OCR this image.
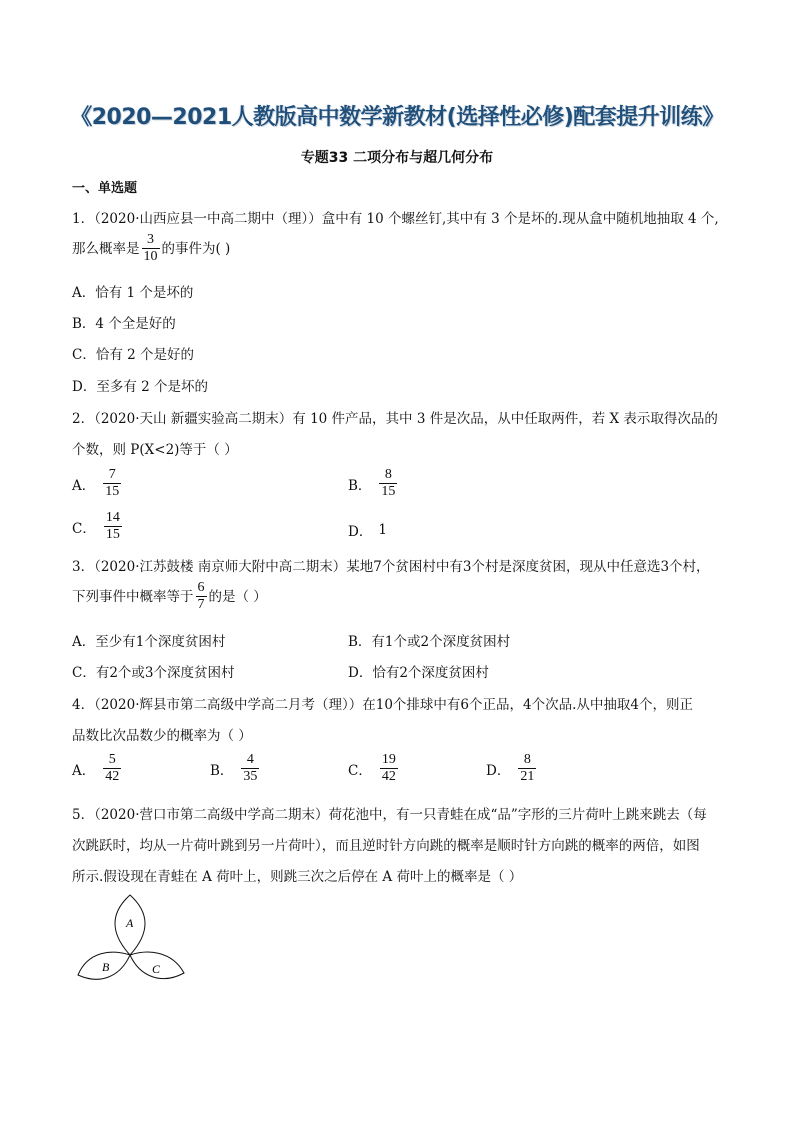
《2020—2021人教版高中数学新教材(选择性必修)配套提升训练》
专题33 二项分布与超几何分布
一、单选题
1．（2020·山西应县一中高二期中（理））盒中有 10 个螺丝钉,其中有 3 个是坏的.现从盒中随机地抽取 4 个,
那么概率是 $\frac{3}{10}$ 的事件为( )
A．恰有 1 个是坏的
B．4 个全是好的
C．恰有 2 个是好的
D．至多有 2 个是坏的
2．（2020·天山 新疆实验高二期末）有 10 件产品，其中 3 件是次品，从中任取两件，若 X 表示取得次品的
个数，则 P(X<2)等于（ ）
A． $\frac{7}{15}$	B． $\frac{8}{15}$
C． $\frac{14}{15}$	D． 1
3．（2020·江苏鼓楼 南京师大附中高二期末）某地7个贫困村中有3个村是深度贫困，现从中任意选3个村，
下列事件中概率等于 $\frac{6}{7}$ 的是（ ）
A．至少有1个深度贫困村	B．有1个或2个深度贫困村
C．有2个或3个深度贫困村	D．恰有2个深度贫困村
4．（2020·辉县市第二高级中学高二月考（理））在10个排球中有6个正品，4个次品.从中抽取4个，则正
品数比次品数少的概率为（ ）
A． $\frac{5}{42}$	B． $\frac{4}{35}$	C． $\frac{19}{42}$	D． $\frac{8}{21}$
5．（2020·营口市第二高级中学高二期末）荷花池中，有一只青蛙在成“品”字形的三片荷叶上跳来跳去（每
次跳跃时，均从一片荷叶跳到另一片荷叶），而且逆时针方向跳的概率是顺时针方向跳的概率的两倍，如图
所示.假设现在青蛙在 A 荷叶上，则跳三次之后停在 A 荷叶上的概率是（ ）
A
B	C
